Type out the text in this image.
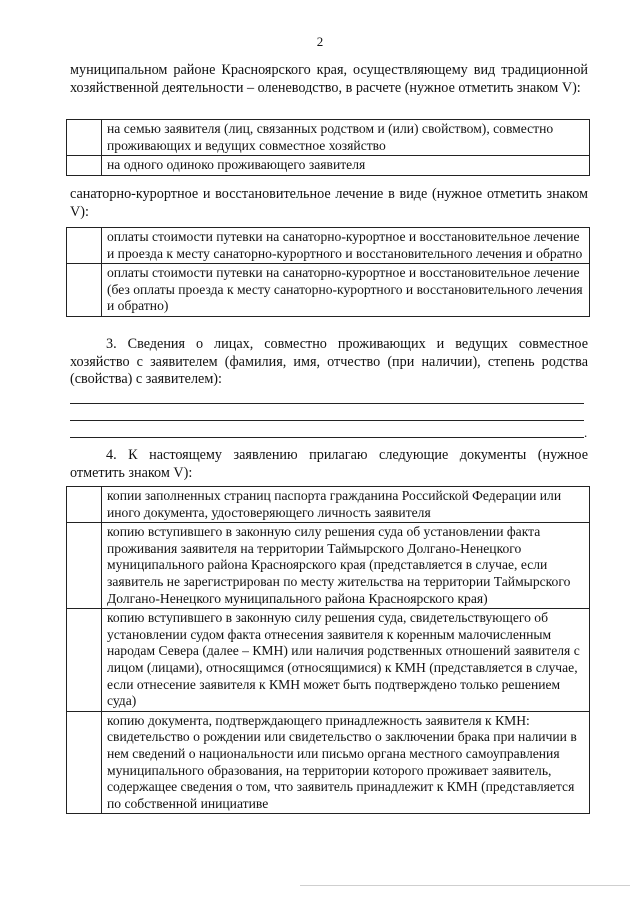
2

муниципальном районе Красноярского края, осуществляющему вид традиционной хозяйственной деятельности – оленеводство, в расчете (нужное отметить знаком V):

	на семью заявителя (лиц, связанных родством и (или) свойством), совместно проживающих и ведущих совместное хозяйство
	на одного одиноко проживающего заявителя

санаторно-курортное и восстановительное лечение в виде (нужное отметить знаком V):

	оплаты стоимости путевки на санаторно-курортное и восстановительное лечение и проезда к месту санаторно-курортного и восстановительного лечения и обратно
	оплаты стоимости путевки на санаторно-курортное и восстановительное лечение (без оплаты проезда к месту санаторно-курортного и восстановительного лечения и обратно)

3. Сведения о лицах, совместно проживающих и ведущих совместное хозяйство с заявителем (фамилия, имя, отчество (при наличии), степень родства (свойства) с заявителем):

.

4. К настоящему заявлению прилагаю следующие документы (нужное отметить знаком V):

	копии заполненных страниц паспорта гражданина Российской Федерации или иного документа, удостоверяющего личность заявителя
	копию вступившего в законную силу решения суда об установлении факта проживания заявителя на территории Таймырского Долгано-Ненецкого муниципального района Красноярского края (представляется в случае, если заявитель не зарегистрирован по месту жительства на территории Таймырского Долгано-Ненецкого муниципального района Красноярского края)
	копию вступившего в законную силу решения суда, свидетельствующего об установлении судом факта отнесения заявителя к коренным малочисленным народам Севера (далее – КМН) или наличия родственных отношений заявителя с лицом (лицами), относящимся (относящимися) к КМН (представляется в случае, если отнесение заявителя к КМН может быть подтверждено только решением суда)
	копию документа, подтверждающего принадлежность заявителя к КМН: свидетельство о рождении или свидетельство о заключении брака при наличии в нем сведений о национальности или письмо органа местного самоуправления муниципального образования, на территории которого проживает заявитель, содержащее сведения о том, что заявитель принадлежит к КМН (представляется по собственной инициативе
